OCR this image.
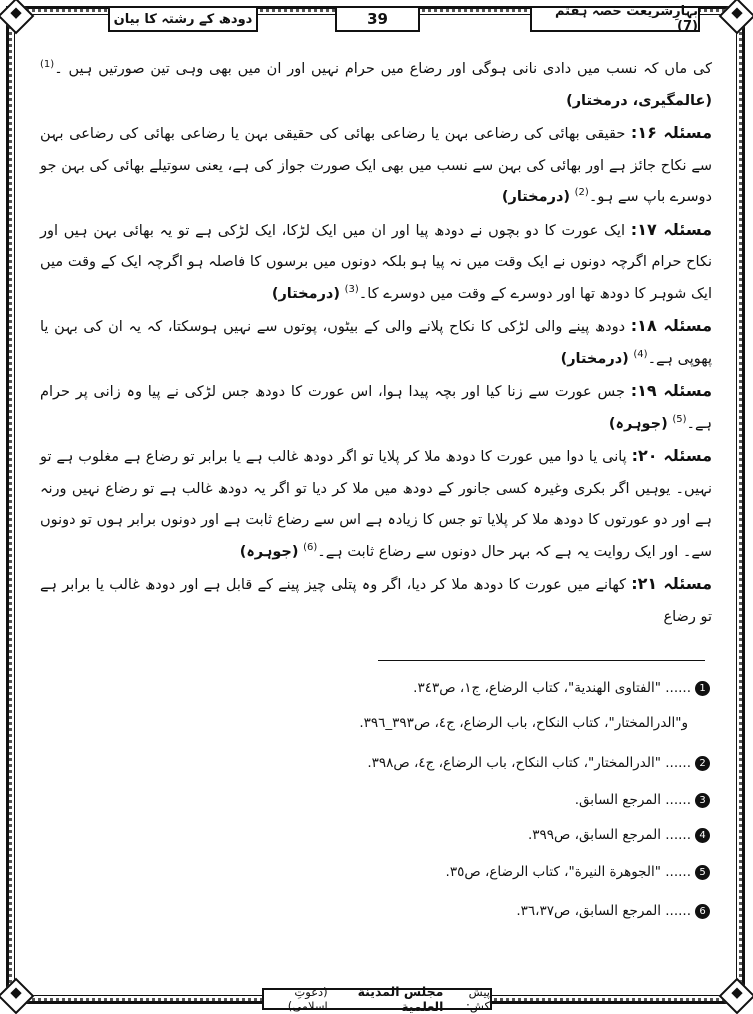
بہارِشریعت حصہ ہفتم (7)
39
دودھ کے رشتہ کا بیان

کی ماں کہ نسب میں دادی نانی ہوگی اور رضاع میں حرام نہیں اور ان میں بھی وہی تین صورتیں ہیں ۔$^{(1)}$ (عالمگیری، درمختار)

مسئلہ ۱۶: حقیقی بھائی کی رضاعی بہن یا رضاعی بھائی کی حقیقی بہن یا رضاعی بھائی کی رضاعی بہن سے نکاح جائز ہے اور بھائی کی بہن سے نسب میں بھی ایک صورت جواز کی ہے، یعنی سوتیلے بھائی کی بہن جو دوسرے باپ سے ہو۔$^{(2)}$ (درمختار)

مسئلہ ۱۷: ایک عورت کا دو بچوں نے دودھ پیا اور ان میں ایک لڑکا، ایک لڑکی ہے تو یہ بھائی بہن ہیں اور نکاح حرام اگرچہ دونوں نے ایک وقت میں نہ پیا ہو بلکہ دونوں میں برسوں کا فاصلہ ہو اگرچہ ایک کے وقت میں ایک شوہر کا دودھ تھا اور دوسرے کے وقت میں دوسرے کا۔$^{(3)}$ (درمختار)

مسئلہ ۱۸: دودھ پینے والی لڑکی کا نکاح پلانے والی کے بیٹوں، پوتوں سے نہیں ہوسکتا، کہ یہ ان کی بہن یا پھوپی ہے۔$^{(4)}$ (درمختار)

مسئلہ ۱۹: جس عورت سے زنا کیا اور بچہ پیدا ہوا، اس عورت کا دودھ جس لڑکی نے پیا وہ زانی پر حرام ہے۔$^{(5)}$ (جوہرہ)

مسئلہ ۲۰: پانی یا دوا میں عورت کا دودھ ملا کر پلایا تو اگر دودھ غالب ہے یا برابر تو رضاع ہے مغلوب ہے تو نہیں۔ یوہیں اگر بکری وغیرہ کسی جانور کے دودھ میں ملا کر دیا تو اگر یہ دودھ غالب ہے تو رضاع نہیں ورنہ ہے اور دو عورتوں کا دودھ ملا کر پلایا تو جس کا زیادہ ہے اس سے رضاع ثابت ہے اور دونوں برابر ہوں تو دونوں سے۔ اور ایک روایت یہ ہے کہ بہر حال دونوں سے رضاع ثابت ہے۔$^{(6)}$ (جوہرہ)

مسئلہ ۲۱: کھانے میں عورت کا دودھ ملا کر دیا، اگر وہ پتلی چیز پینے کے قابل ہے اور دودھ غالب یا برابر ہے تو رضاع

1...... "الفتاوی الهندية"، كتاب الرضاع، ج١، ص٣٤٣.
و"الدرالمختار"، كتاب النكاح، باب الرضاع، ج٤، ص٣٩٣_٣٩٦.
2...... "الدرالمختار"، كتاب النكاح، باب الرضاع، ج٤، ص٣٩٨.
3...... المرجع السابق.
4...... المرجع السابق، ص٣٩٩.
5...... "الجوهرة النيرة"، كتاب الرضاع، ص٣٥.
6...... المرجع السابق، ص٣٦،٣٧.
پیش کش:
مجلس المدينة العلمية
(دعوتِ اسلامی)
